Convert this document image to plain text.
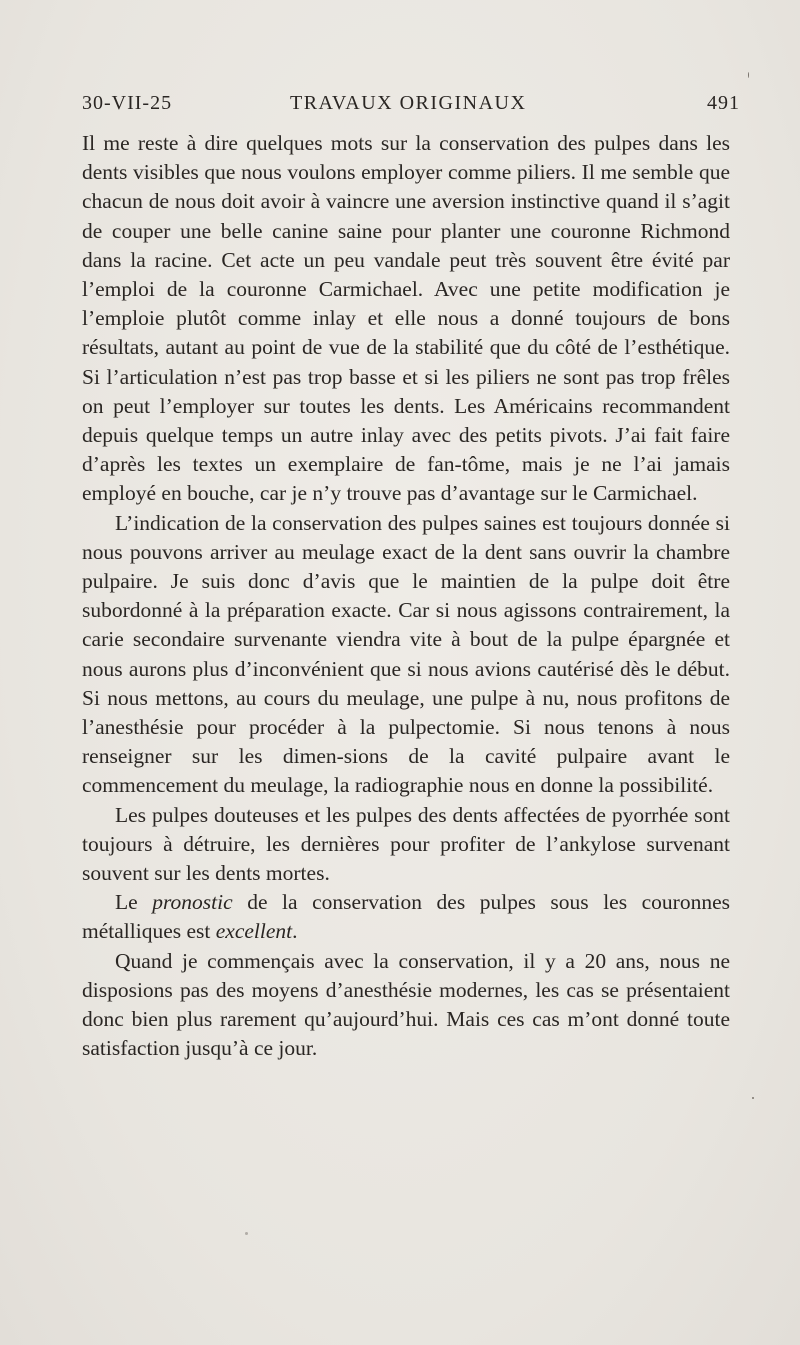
30-VII-25	TRAVAUX ORIGINAUX	491

Il me reste à dire quelques mots sur la conservation des pulpes dans les dents visibles que nous voulons employer comme piliers. Il me semble que chacun de nous doit avoir à vaincre une aversion instinctive quand il s’agit de couper une belle canine saine pour planter une couronne Richmond dans la racine. Cet acte un peu vandale peut très souvent être évité par l’emploi de la couronne Carmichael. Avec une petite modification je l’emploie plutôt comme inlay et elle nous a donné toujours de bons résultats, autant au point de vue de la stabilité que du côté de l’esthétique. Si l’articulation n’est pas trop basse et si les piliers ne sont pas trop frêles on peut l’employer sur toutes les dents. Les Américains recommandent depuis quelque temps un autre inlay avec des petits pivots. J’ai fait faire d’après les textes un exemplaire de fan-tôme, mais je ne l’ai jamais employé en bouche, car je n’y trouve pas d’avantage sur le Carmichael.

L’indication de la conservation des pulpes saines est toujours donnée si nous pouvons arriver au meulage exact de la dent sans ouvrir la chambre pulpaire. Je suis donc d’avis que le maintien de la pulpe doit être subordonné à la préparation exacte. Car si nous agissons contrairement, la carie secondaire survenante viendra vite à bout de la pulpe épargnée et nous aurons plus d’inconvénient que si nous avions cautérisé dès le début. Si nous mettons, au cours du meulage, une pulpe à nu, nous profitons de l’anesthésie pour procéder à la pulpectomie. Si nous tenons à nous renseigner sur les dimen-sions de la cavité pulpaire avant le commencement du meulage, la radiographie nous en donne la possibilité.

Les pulpes douteuses et les pulpes des dents affectées de pyorrhée sont toujours à détruire, les dernières pour profiter de l’ankylose survenant souvent sur les dents mortes.

Le pronostic de la conservation des pulpes sous les couronnes métalliques est excellent.

Quand je commençais avec la conservation, il y a 20 ans, nous ne disposions pas des moyens d’anesthésie modernes, les cas se présentaient donc bien plus rarement qu’aujourd’hui. Mais ces cas m’ont donné toute satisfaction jusqu’à ce jour.
